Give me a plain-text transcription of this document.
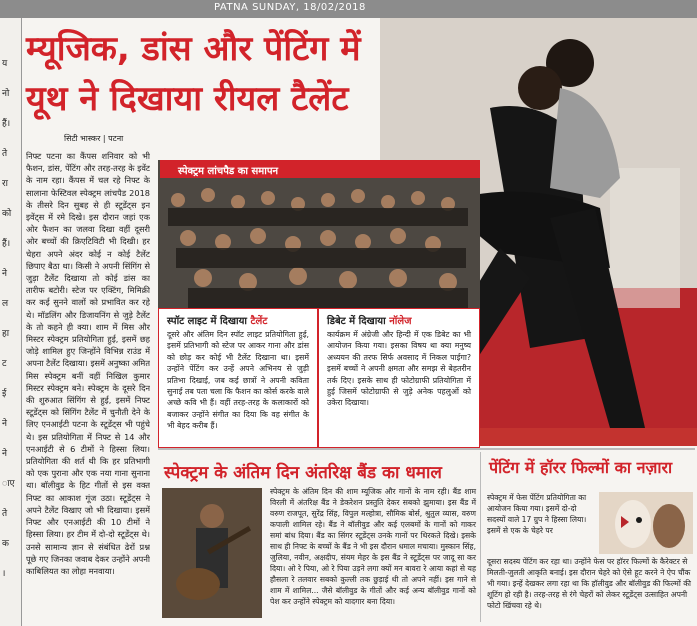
PATNA SUNDAY, 18/02/2018
य
नो
हैं।
ते
रा
को
हैं।
ने
ल
हा
ट
ई
ने
ने
ाए
ते
क
।
म्यूजिक, डांस और पेंटिंग में
यूथ ने दिखाया रीयल टैलेंट
सिटी भास्कर | पटना
निफ्ट पटना का कैंपस शनिवार को भी फैशन, डांस, पेंटिंग और तरह-तरह के इवेंट के नाम रहा। कैंपस में चल रहे निफ्ट के सालाना फेस्टिवल स्पेक्ट्रम लांचपैड 2018 के तीसरे दिन सुबह से ही स्टूडेंट्स इन इवेंट्स में रमे दिखे। इस दौरान जहां एक ओर फैशन का जलवा दिखा वहीं दूसरी ओर बच्चों की क्रिएटिविटी भी दिखी। हर चेहरा अपने अंदर कोई न कोई टैलेंट छिपाए बैठा था। किसी ने अपनी सिंगिंग से जुड़ा टैलेंट दिखाया तो कोई डांस का तारीफ बटोरी। स्टेज पर एक्टिंग, मिमिक्री कर कई सुनने वालों को प्रभावित कर रहे थे। मॉडलिंग और डिजायनिंग से जुड़े टैलेंट के तो कहने ही क्या। शाम में मिस और मिस्टर स्पेक्ट्रम प्रतियोगिता हुई, इसमें छह जोड़े शामिल हुए जिन्होंने विभिन्न राउंड में अपना टैलेंट दिखाया। इसमें अनुष्का अमित मिस स्पेक्ट्रम बनीं वहीं निखिल कुमार मिस्टर स्पेक्ट्रम बने। स्पेक्ट्रम के दूसरे दिन की शुरुआत सिंगिंग से हुई, इसमें निफ्ट स्टूडेंट्स को सिंगिंग टैलेंट में चुनौती देने के लिए एनआईटी पटना के स्टूडेंट्स भी पहुंचे थे। इस प्रतियोगिता में निफ्ट से 14 और एनआईटी से 6 टीमों ने हिस्सा लिया। प्रतियोगिता की शर्त थी कि हर प्रतिभागी को एक पुराना और एक नया गाना सुनाना था। बॉलीवुड के हिट गीतों से इस वक्त निफ्ट का आकाश गूंज उठा। स्टूडेंट्स ने अपने टैलेंट विखाए जो भी दिखाया। इसमें निफ्ट और एनआईटी की 10 टीमों ने हिस्सा लिया। हर टीम में दो-दो स्टूडेंट्स थे। उनसे सामान्य ज्ञान से संबंधित ढेरों प्रश्न पूछे गए जिनका जवाब देकर उन्होंने अपनी काबिलियत का लोहा मनवाया।
स्पेक्ट्रम लांचपैड का समापन
स्पॉट लाइट में दिखाया टैलेंट

दूसरे और अंतिम दिन स्पॉट लाइट प्रतियोगिता हुई, इसमें प्रतिभागी को स्टेज पर आकर गाना और डांस को छोड़ कर कोई भी टैलेंट दिखाना था। इसमें उन्होंने पेंटिंग कर उन्हें अपने अभिनय से जुड़ी प्रतिभा दिखाई, जब कई छात्रों ने अपनी कविता सुनाई तब पता चला कि फैशन का कोर्स करके वाले अच्छे कवि भी हैं। वहीं तरह-तरह के कलाकारों को बजाकर उन्होंने संगीत का दिया कि वह संगीत के भी बेहद करीब हैं।

डिबेट में दिखाया नॉलेज

कार्यक्रम में अंग्रेजी और हिन्दी में एक डिबेट का भी आयोजन किया गया। इसका विषय था क्या मनुष्य अध्ययन की तरफ सिर्फ अवसाद में निकल पाईगा? इसमें बच्चों ने अपनी क्षमता और समझ से बेहतरीन तर्क दिए। इसके साथ ही फोटोग्राफी प्रतियोगिता में हुई जिसमें फोटोग्राफी से जुड़े अनेक पहलुओं को उकेरा दिखाया।

स्पेक्ट्रम के अंतिम दिन अंतरिक्ष बैंड का धमाल

स्पेक्ट्रम के अंतिम दिन की शाम म्यूजिक और गानों के नाम रही। बैंड शाम विरली में अंतरिक्ष बैंड ने डेकरेशन प्रस्तुति देकर सबको झुमाया। इस बैंड में वरुण राजपूत, सुरेंद्र सिंह, विपुल मल्होत्रा, सौमिक बोर्स, श्रुतुल व्यास, वरुण कपाली शामिल रहे। बैंड ने बॉलीवुड और कई एलबमों के गानों को गाकर समां बांध दिया। बैंड का सिंगर स्टूडेंट्स उनके गानों पर थिरकते दिखे। इसके साथ ही निफ्ट के बच्चों के बैंड ने भी इस दौरान धमाल मचाया। मुस्कान सिंह, जुलिया, नवीन, अक्षदीप, संयम मेहर के इस बैंड ने स्टूडेंट्स पर जादू सा कर दिया। ओ रे पिया, ओ रे पिया उड़ने लगा क्यों मन बावरा रे आया कहां से यह हौसला रे तलवार सबको कुल्ली तक छुड़ाई थी तो अपने नहीं। इस गाने से शाम में शामिल... जैसे बॉलीवुड के गीतों और कई अन्य बॉलीवुड गानों को पेश कर उन्होंने स्पेक्ट्रम को यादगार बना दिया।

पेंटिंग में हॉरर फिल्मों का नज़ारा

स्पेक्ट्रम में फेस पेंटिंग प्रतियोगिता का आयोजन किया गया। इसमें दो-दो सदस्यों वाले 17 ग्रुप ने हिस्सा लिया। इसमें से एक के चेहरे पर

दूसरा सदस्य पेंटिंग कर रहा था। उन्होंने फेस पर हॉरर फिल्मों के कैरेक्टर से मिलती-जुलती आकृति बनाई। इस दौरान चेहरे को ऐसे हूट करने ने ऐप चौंक भी गया। इन्हें देखकर लगा रहा था कि हॉलीवुड और बॉलीवुड की फिल्मों की शूटिंग हो रही है। तरह-तरह से रंगे चेहरों को लेकर स्टूडेंट्स उत्साहित अपनी फोटो खिंचवा रहे थे।
